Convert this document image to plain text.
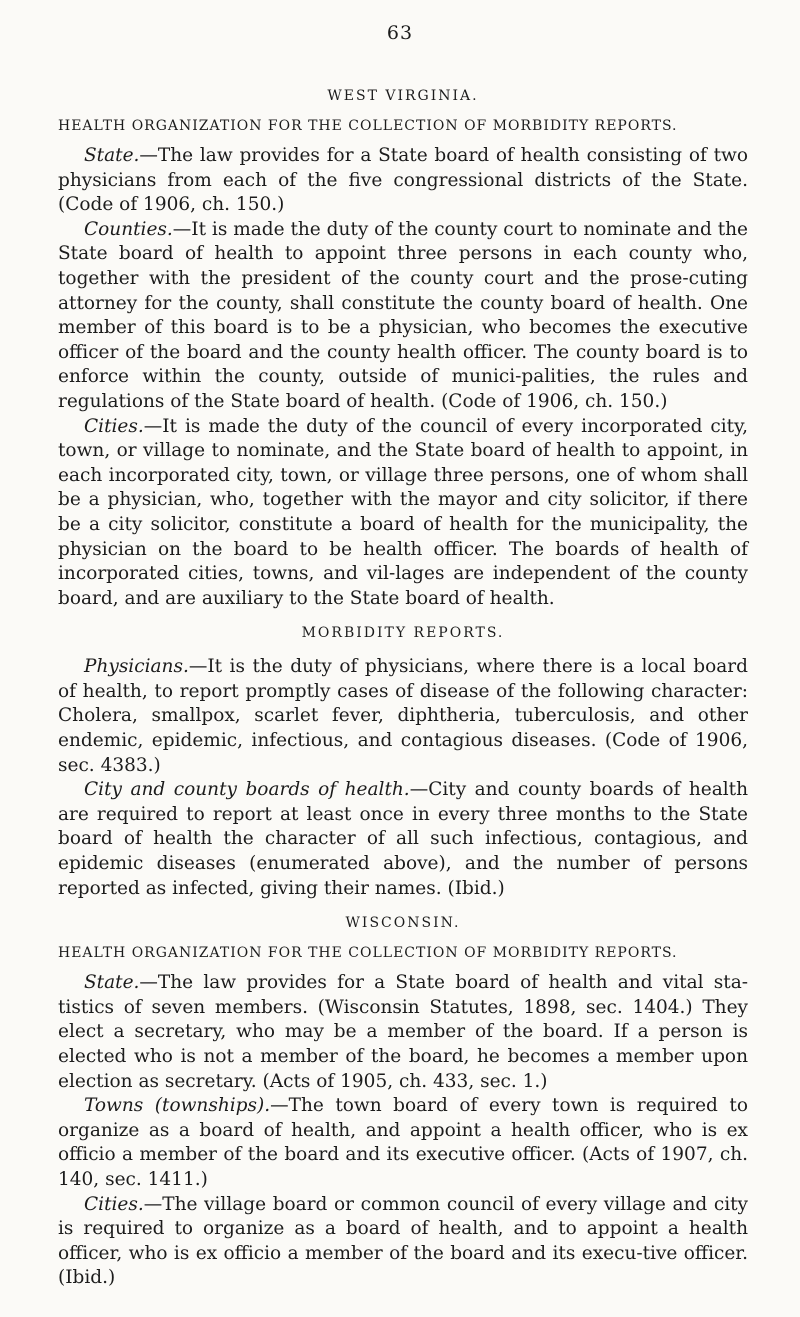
63
WEST VIRGINIA.
HEALTH ORGANIZATION FOR THE COLLECTION OF MORBIDITY REPORTS.

State.—The law provides for a State board of health consisting of two physicians from each of the five congressional districts of the State. (Code of 1906, ch. 150.)

Counties.—It is made the duty of the county court to nominate and the State board of health to appoint three persons in each county who, together with the president of the county court and the prose-cuting attorney for the county, shall constitute the county board of health. One member of this board is to be a physician, who becomes the executive officer of the board and the county health officer. The county board is to enforce within the county, outside of munici-palities, the rules and regulations of the State board of health. (Code of 1906, ch. 150.)

Cities.—It is made the duty of the council of every incorporated city, town, or village to nominate, and the State board of health to appoint, in each incorporated city, town, or village three persons, one of whom shall be a physician, who, together with the mayor and city solicitor, if there be a city solicitor, constitute a board of health for the municipality, the physician on the board to be health officer. The boards of health of incorporated cities, towns, and vil-lages are independent of the county board, and are auxiliary to the State board of health.

MORBIDITY REPORTS.

Physicians.—It is the duty of physicians, where there is a local board of health, to report promptly cases of disease of the following character: Cholera, smallpox, scarlet fever, diphtheria, tuberculosis, and other endemic, epidemic, infectious, and contagious diseases. (Code of 1906, sec. 4383.)

City and county boards of health.—City and county boards of health are required to report at least once in every three months to the State board of health the character of all such infectious, contagious, and epidemic diseases (enumerated above), and the number of persons reported as infected, giving their names. (Ibid.)

WISCONSIN.
HEALTH ORGANIZATION FOR THE COLLECTION OF MORBIDITY REPORTS.

State.—The law provides for a State board of health and vital sta-tistics of seven members. (Wisconsin Statutes, 1898, sec. 1404.) They elect a secretary, who may be a member of the board. If a person is elected who is not a member of the board, he becomes a member upon election as secretary. (Acts of 1905, ch. 433, sec. 1.)

Towns (townships).—The town board of every town is required to organize as a board of health, and appoint a health officer, who is ex officio a member of the board and its executive officer. (Acts of 1907, ch. 140, sec. 1411.)

Cities.—The village board or common council of every village and city is required to organize as a board of health, and to appoint a health officer, who is ex officio a member of the board and its execu-tive officer. (Ibid.)
